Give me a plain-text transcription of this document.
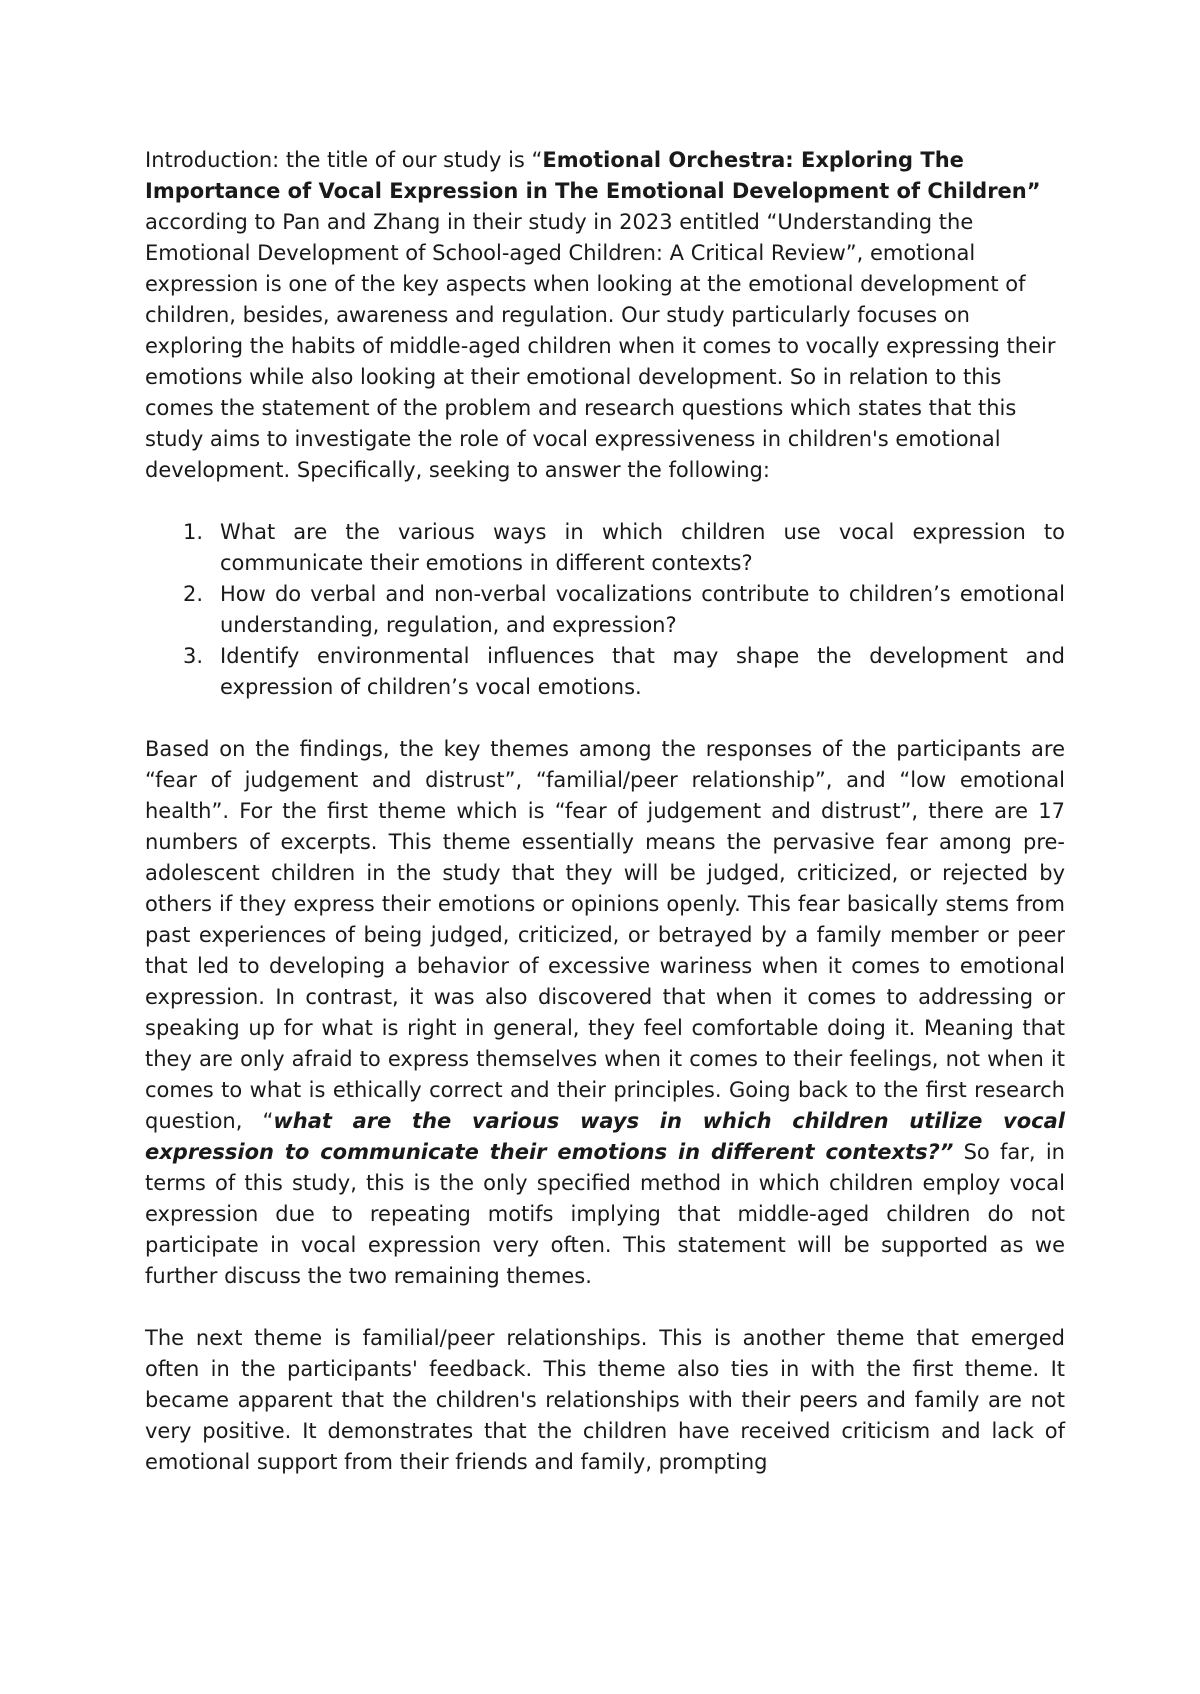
Introduction: the title of our study is “Emotional Orchestra: Exploring The Importance of Vocal Expression in The Emotional Development of Children” according to Pan and Zhang in their study in 2023 entitled “Understanding the Emotional Development of School-aged Children: A Critical Review”, emotional expression is one of the key aspects when looking at the emotional development of children, besides, awareness and regulation. Our study particularly focuses on exploring the habits of middle-aged children when it comes to vocally expressing their emotions while also looking at their emotional development. So in relation to this comes the statement of the problem and research questions which states that this study aims to investigate the role of vocal expressiveness in children's emotional development. Specifically, seeking to answer the following:

1. What are the various ways in which children use vocal expression to communicate their emotions in different contexts?
2. How do verbal and non-verbal vocalizations contribute to children’s emotional understanding, regulation, and expression?
3. Identify environmental influences that may shape the development and expression of children’s vocal emotions.

Based on the findings, the key themes among the responses of the participants are “fear of judgement and distrust”, “familial/peer relationship”, and “low emotional health”. For the first theme which is “fear of judgement and distrust”, there are 17 numbers of excerpts. This theme essentially means the pervasive fear among pre-adolescent children in the study that they will be judged, criticized, or rejected by others if they express their emotions or opinions openly. This fear basically stems from past experiences of being judged, criticized, or betrayed by a family member or peer that led to developing a behavior of excessive wariness when it comes to emotional expression. In contrast, it was also discovered that when it comes to addressing or speaking up for what is right in general, they feel comfortable doing it. Meaning that they are only afraid to express themselves when it comes to their feelings, not when it comes to what is ethically correct and their principles. Going back to the first research question, “what are the various ways in which children utilize vocal expression to communicate their emotions in different contexts?” So far, in terms of this study, this is the only specified method in which children employ vocal expression due to repeating motifs implying that middle-aged children do not participate in vocal expression very often. This statement will be supported as we further discuss the two remaining themes.

The next theme is familial/peer relationships. This is another theme that emerged often in the participants' feedback. This theme also ties in with the first theme. It became apparent that the children's relationships with their peers and family are not very positive. It demonstrates that the children have received criticism and lack of emotional support from their friends and family, prompting
